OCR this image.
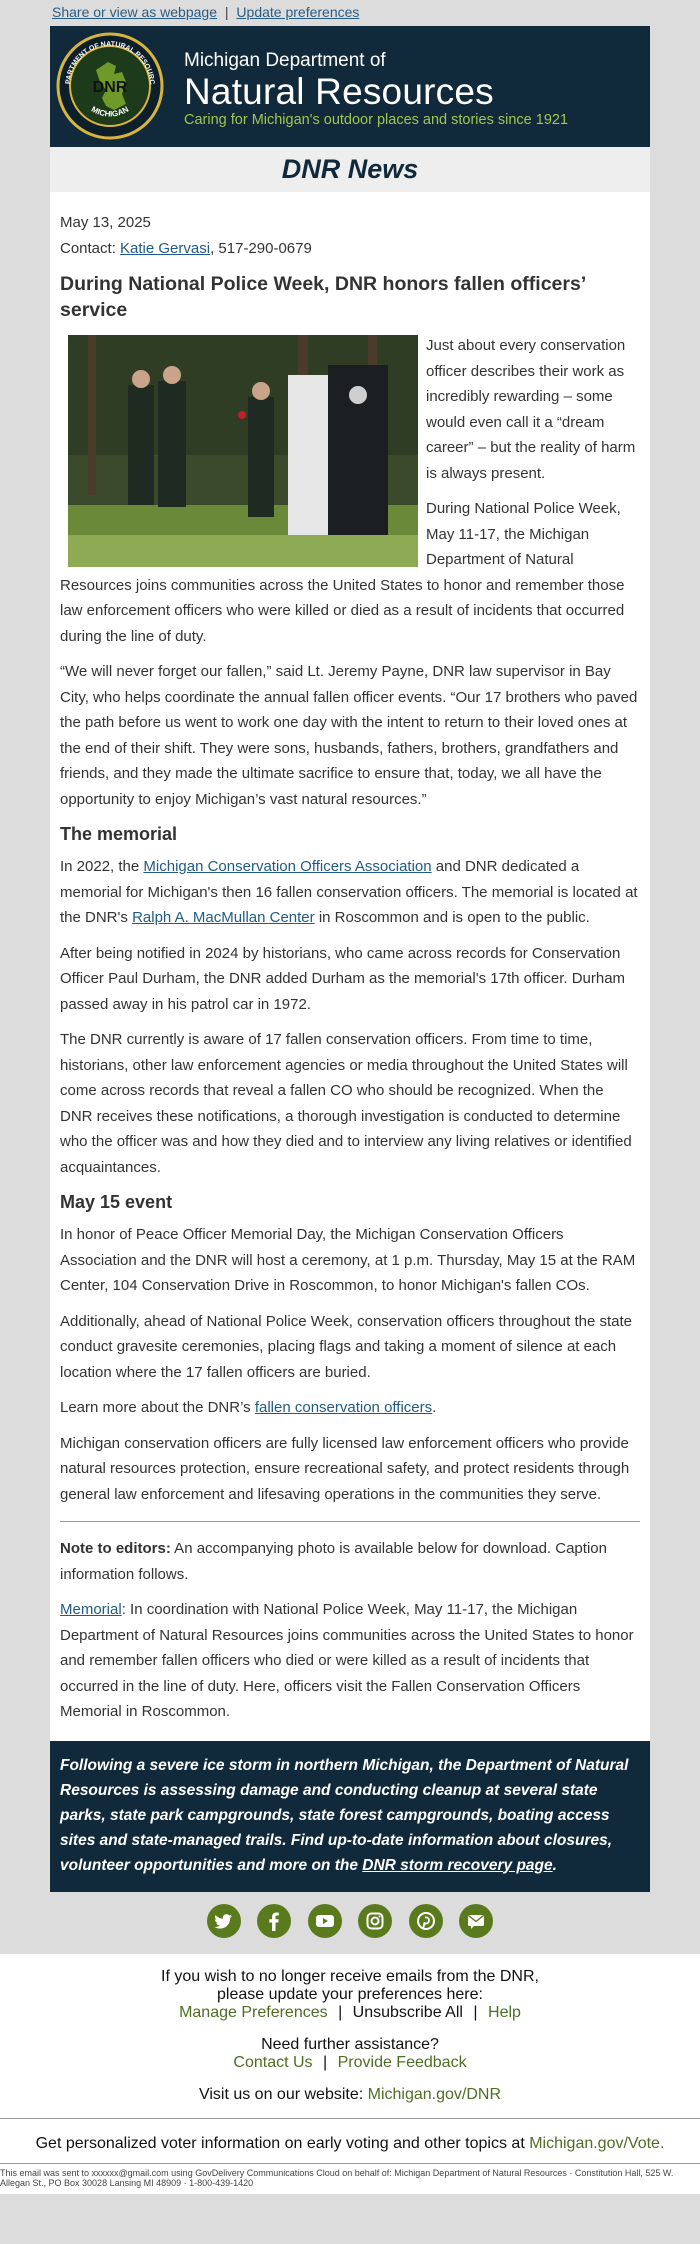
Share or view as webpage | Update preferences
PARTMENT OF NATURAL RESOURC
MICHIGAN
DNR
Michigan Department of
Natural Resources
Caring for Michigan's outdoor places and stories since 1921
DNR News
May 13, 2025
Contact: Katie Gervasi, 517-290-0679
During National Police Week, DNR honors fallen officers’ service

Just about every conservation officer describes their work as incredibly rewarding – some would even call it a “dream career” – but the reality of harm is always present.

During National Police Week, May 11-17, the Michigan Department of Natural Resources joins communities across the United States to honor and remember those law enforcement officers who were killed or died as a result of incidents that occurred during the line of duty.

“We will never forget our fallen,” said Lt. Jeremy Payne, DNR law supervisor in Bay City, who helps coordinate the annual fallen officer events. “Our 17 brothers who paved the path before us went to work one day with the intent to return to their loved ones at the end of their shift. They were sons, husbands, fathers, brothers, grandfathers and friends, and they made the ultimate sacrifice to ensure that, today, we all have the opportunity to enjoy Michigan’s vast natural resources.”

The memorial

In 2022, the Michigan Conservation Officers Association and DNR dedicated a memorial for Michigan's then 16 fallen conservation officers. The memorial is located at the DNR's Ralph A. MacMullan Center in Roscommon and is open to the public.

After being notified in 2024 by historians, who came across records for Conservation Officer Paul Durham, the DNR added Durham as the memorial's 17th officer. Durham passed away in his patrol car in 1972.

The DNR currently is aware of 17 fallen conservation officers. From time to time, historians, other law enforcement agencies or media throughout the United States will come across records that reveal a fallen CO who should be recognized. When the DNR receives these notifications, a thorough investigation is conducted to determine who the officer was and how they died and to interview any living relatives or identified acquaintances.

May 15 event

In honor of Peace Officer Memorial Day, the Michigan Conservation Officers Association and the DNR will host a ceremony, at 1 p.m. Thursday, May 15 at the RAM Center, 104 Conservation Drive in Roscommon, to honor Michigan's fallen COs.

Additionally, ahead of National Police Week, conservation officers throughout the state conduct gravesite ceremonies, placing flags and taking a moment of silence at each location where the 17 fallen officers are buried.

Learn more about the DNR’s fallen conservation officers.

Michigan conservation officers are fully licensed law enforcement officers who provide natural resources protection, ensure recreational safety, and protect residents through general law enforcement and lifesaving operations in the communities they serve.

Note to editors: An accompanying photo is available below for download. Caption information follows.

Memorial: In coordination with National Police Week, May 11-17, the Michigan Department of Natural Resources joins communities across the United States to honor and remember fallen officers who died or were killed as a result of incidents that occurred in the line of duty. Here, officers visit the Fallen Conservation Officers Memorial in Roscommon.

Following a severe ice storm in northern Michigan, the Department of Natural Resources is assessing damage and conducting cleanup at several state parks, state park campgrounds, state forest campgrounds, boating access sites and state-managed trails. Find up-to-date information about closures, volunteer opportunities and more on the DNR storm recovery page.

If you wish to no longer receive emails from the DNR,
please update your preferences here:
Manage Preferences | Unsubscribe All | Help
Need further assistance?
Contact Us | Provide Feedback
Visit us on our website: Michigan.gov/DNR
Get personalized voter information on early voting and other topics at Michigan.gov/Vote.
This email was sent to xxxxxx@gmail.com using GovDelivery Communications Cloud on behalf of: Michigan Department of Natural Resources · Constitution Hall, 525 W. Allegan St., PO Box 30028 Lansing MI 48909 · 1-800-439-1420
